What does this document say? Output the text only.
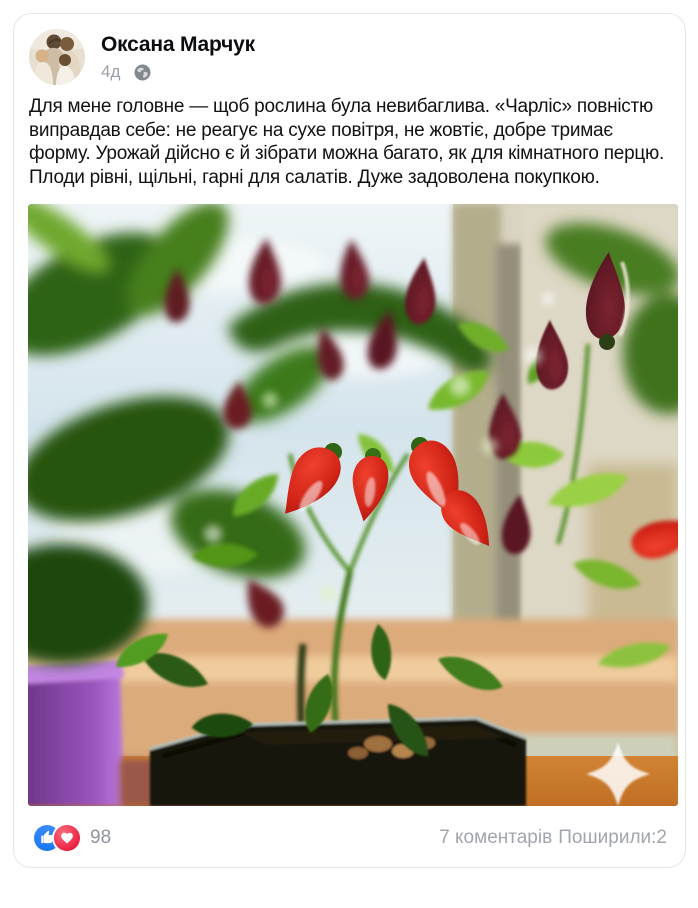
Оксана Марчук
4д
Для мене головне — щоб рослина була невибаглива. «Чарліс» повністю виправдав себе: не реагує на сухе повітря, не жовтіє, добре тримає форму. Урожай дійсно є й зібрати можна багато, як для кімнатного перцю. Плоди рівні, щільні, гарні для салатів. Дуже задоволена покупкою.
98	7 коментарів Поширили:2
